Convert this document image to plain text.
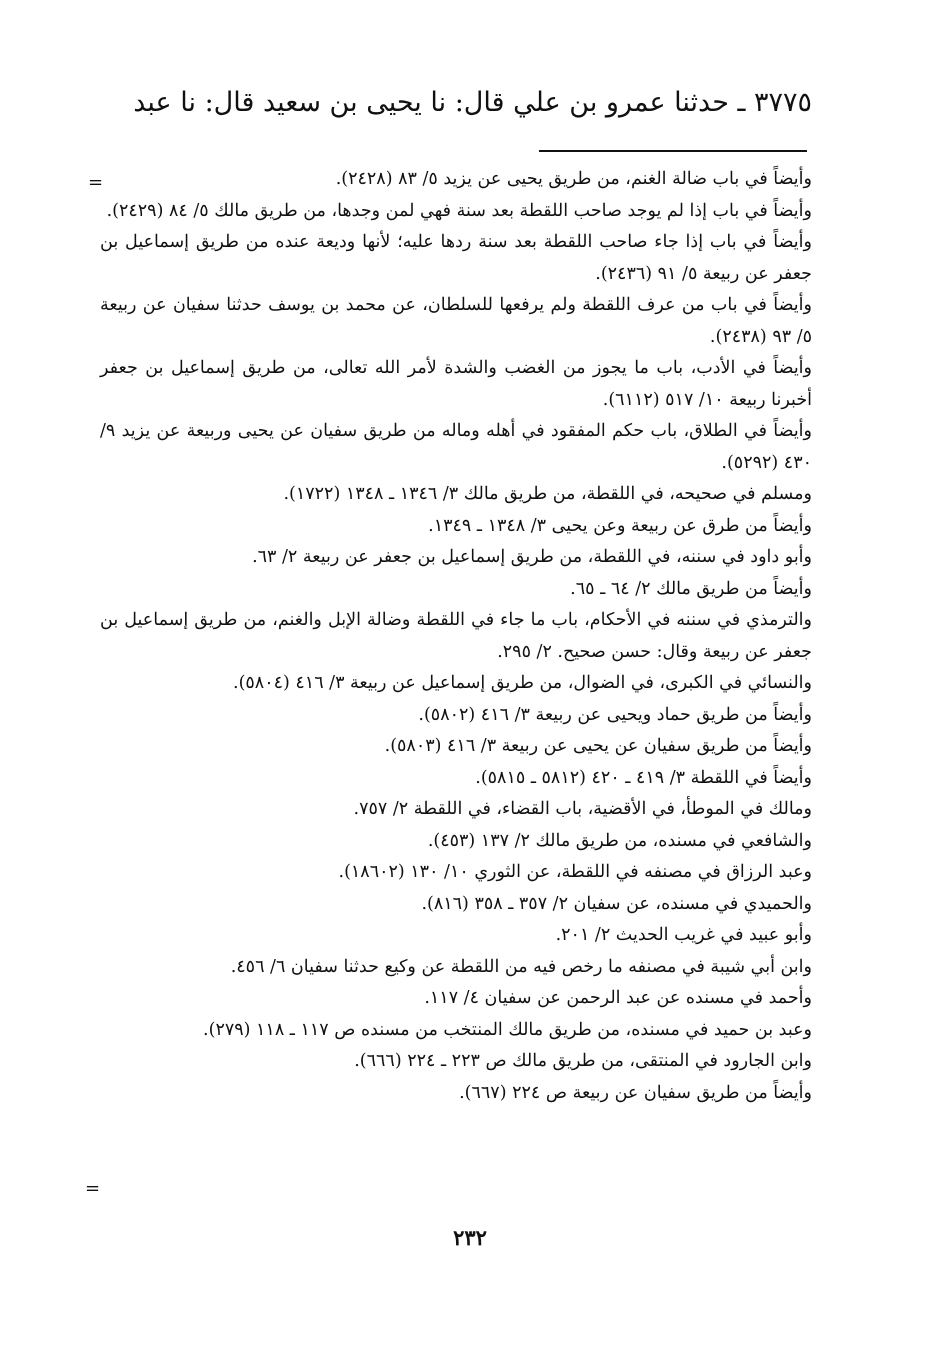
٣٧٧٥ ـ حدثنا عمرو بن علي قال: نا يحيى بن سعيد قال: نا عبد
=	وأيضاً في باب ضالة الغنم، من طريق يحيى عن يزيد ٥/ ٨٣ (٢٤٢٨).

وأيضاً في باب إذا لم يوجد صاحب اللقطة بعد سنة فهي لمن وجدها، من طريق مالك ٥/ ٨٤ (٢٤٢٩).

وأيضاً في باب إذا جاء صاحب اللقطة بعد سنة ردها عليه؛ لأنها وديعة عنده من طريق إسماعيل بن جعفر عن ربيعة ٥/ ٩١ (٢٤٣٦).

وأيضاً في باب من عرف اللقطة ولم يرفعها للسلطان، عن محمد بن يوسف حدثنا سفيان عن ربيعة ٥/ ٩٣ (٢٤٣٨).

وأيضاً في الأدب، باب ما يجوز من الغضب والشدة لأمر الله تعالى، من طريق إسماعيل بن جعفر أخبرنا ربيعة ١٠/ ٥١٧ (٦١١٢).

وأيضاً في الطلاق، باب حكم المفقود في أهله وماله من طريق سفيان عن يحيى وربيعة عن يزيد ٩/ ٤٣٠ (٥٢٩٢).

ومسلم في صحيحه، في اللقطة، من طريق مالك ٣/ ١٣٤٦ ـ ١٣٤٨ (١٧٢٢).

وأيضاً من طرق عن ربيعة وعن يحيى ٣/ ١٣٤٨ ـ ١٣٤٩.

وأبو داود في سننه، في اللقطة، من طريق إسماعيل بن جعفر عن ربيعة ٢/ ٦٣.

وأيضاً من طريق مالك ٢/ ٦٤ ـ ٦٥.

والترمذي في سننه في الأحكام، باب ما جاء في اللقطة وضالة الإبل والغنم، من طريق إسماعيل بن جعفر عن ربيعة وقال: حسن صحيح. ٢/ ٢٩٥.

والنسائي في الكبرى، في الضوال، من طريق إسماعيل عن ربيعة ٣/ ٤١٦ (٥٨٠٤).

وأيضاً من طريق حماد ويحيى عن ربيعة ٣/ ٤١٦ (٥٨٠٢).

وأيضاً من طريق سفيان عن يحيى عن ربيعة ٣/ ٤١٦ (٥٨٠٣).

وأيضاً في اللقطة ٣/ ٤١٩ ـ ٤٢٠ (٥٨١٢ ـ ٥٨١٥).

ومالك في الموطأ، في الأقضية، باب القضاء، في اللقطة ٢/ ٧٥٧.

والشافعي في مسنده، من طريق مالك ٢/ ١٣٧ (٤٥٣).

وعبد الرزاق في مصنفه في اللقطة، عن الثوري ١٠/ ١٣٠ (١٨٦٠٢).

والحميدي في مسنده، عن سفيان ٢/ ٣٥٧ ـ ٣٥٨ (٨١٦).

وأبو عبيد في غريب الحديث ٢/ ٢٠١.

وابن أبي شيبة في مصنفه ما رخص فيه من اللقطة عن وكيع حدثنا سفيان ٦/ ٤٥٦.

وأحمد في مسنده عن عبد الرحمن عن سفيان ٤/ ١١٧.

وعبد بن حميد في مسنده، من طريق مالك المنتخب من مسنده ص ١١٧ ـ ١١٨ (٢٧٩).

وابن الجارود في المنتقى، من طريق مالك ص ٢٢٣ ـ ٢٢٤ (٦٦٦).

وأيضاً من طريق سفيان عن ربيعة ص ٢٢٤ (٦٦٧).

=
٢٣٢
